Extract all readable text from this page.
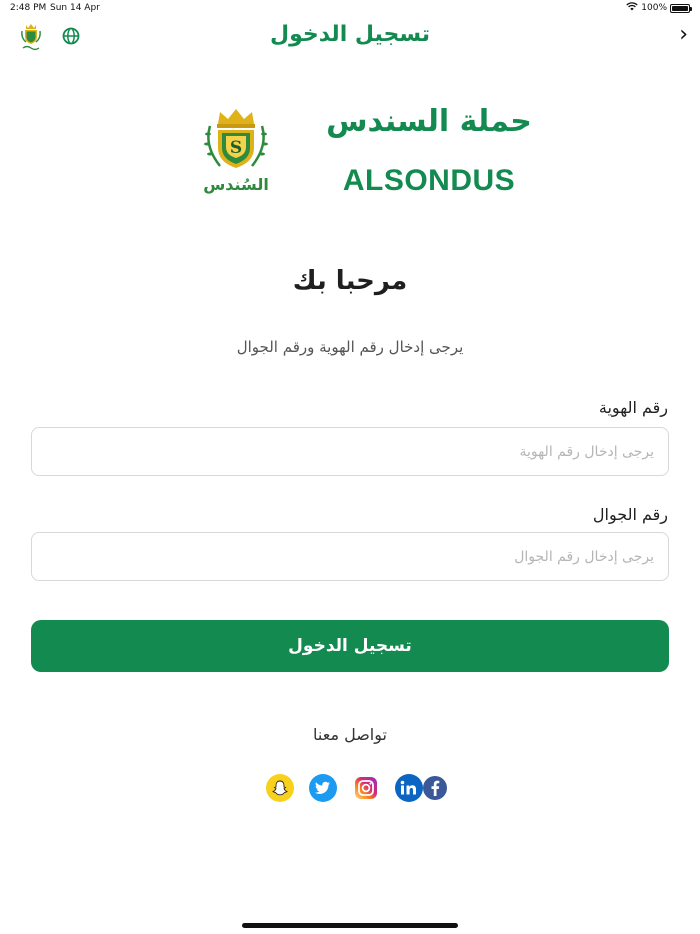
2:48 PM Sun 14 Apr	100%
تسجيل الدخول	›
S
السُندس
حملة السندس
ALSONDUS
مرحبا بك
يرجى إدخال رقم الهوية ورقم الجوال
رقم الهوية
يرجى إدخال رقم الهوية
رقم الجوال
يرجى إدخال رقم الجوال
تسجيل الدخول
تواصل معنا
